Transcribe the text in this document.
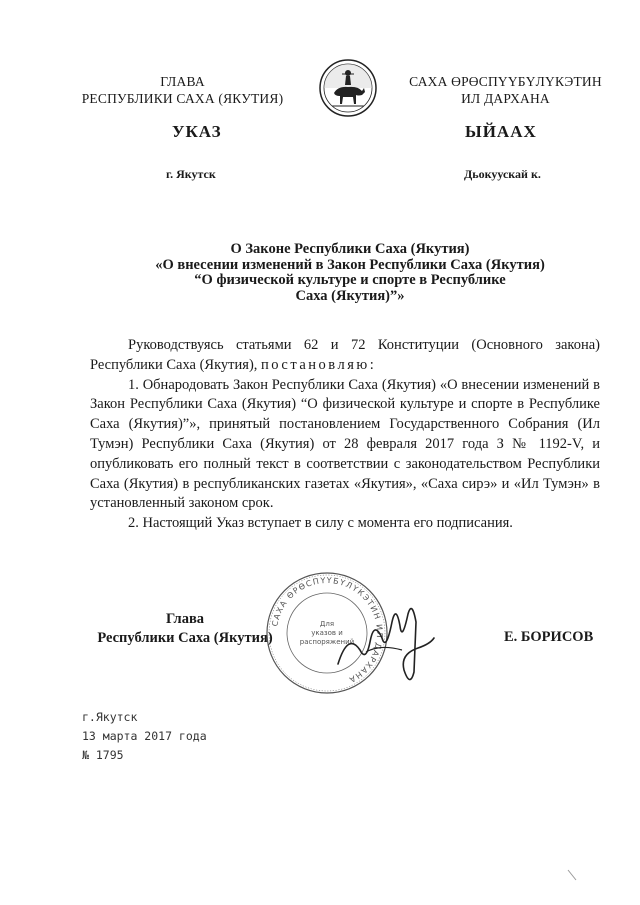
ГЛАВА
РЕСПУБЛИКИ САХА (ЯКУТИЯ)
САХА ӨРӨСПҮҮБҮЛҮКЭТИН
ИЛ ДАРХАНА
УКАЗ	ЫЙААХ
г. Якутск	Дьокуускай к.
О Законе Республики Саха (Якутия)
«О внесении изменений в Закон Республики Саха (Якутия)
“О физической культуре и спорте в Республике
Саха (Якутия)”»

Руководствуясь статьями 62 и 72 Конституции (Основного закона) Республики Саха (Якутия), постановляю:

1. Обнародовать Закон Республики Саха (Якутия) «О внесении изменений в Закон Республики Саха (Якутия) “О физической культуре и спорте в Республике Саха (Якутия)”», принятый постановлением Государственного Собрания (Ил Тумэн) Республики Саха (Якутия) от 28 февраля 2017 года З № 1192-V, и опубликовать его полный текст в соответствии с законодательством Республики Саха (Якутия) в республиканских газетах «Якутия», «Саха сирэ» и «Ил Тумэн» в установленный законом срок.

2. Настоящий Указ вступает в силу с момента его подписания.

Глава
Республики Саха (Якутия)
САХА ӨРӨСПҮҮБҮЛҮКЭТИН ИЛ ДАРХАНА
Для
указов и
распоряжений	Е. БОРИСОВ
г.Якутск
13 марта 2017 года
№ 1795
